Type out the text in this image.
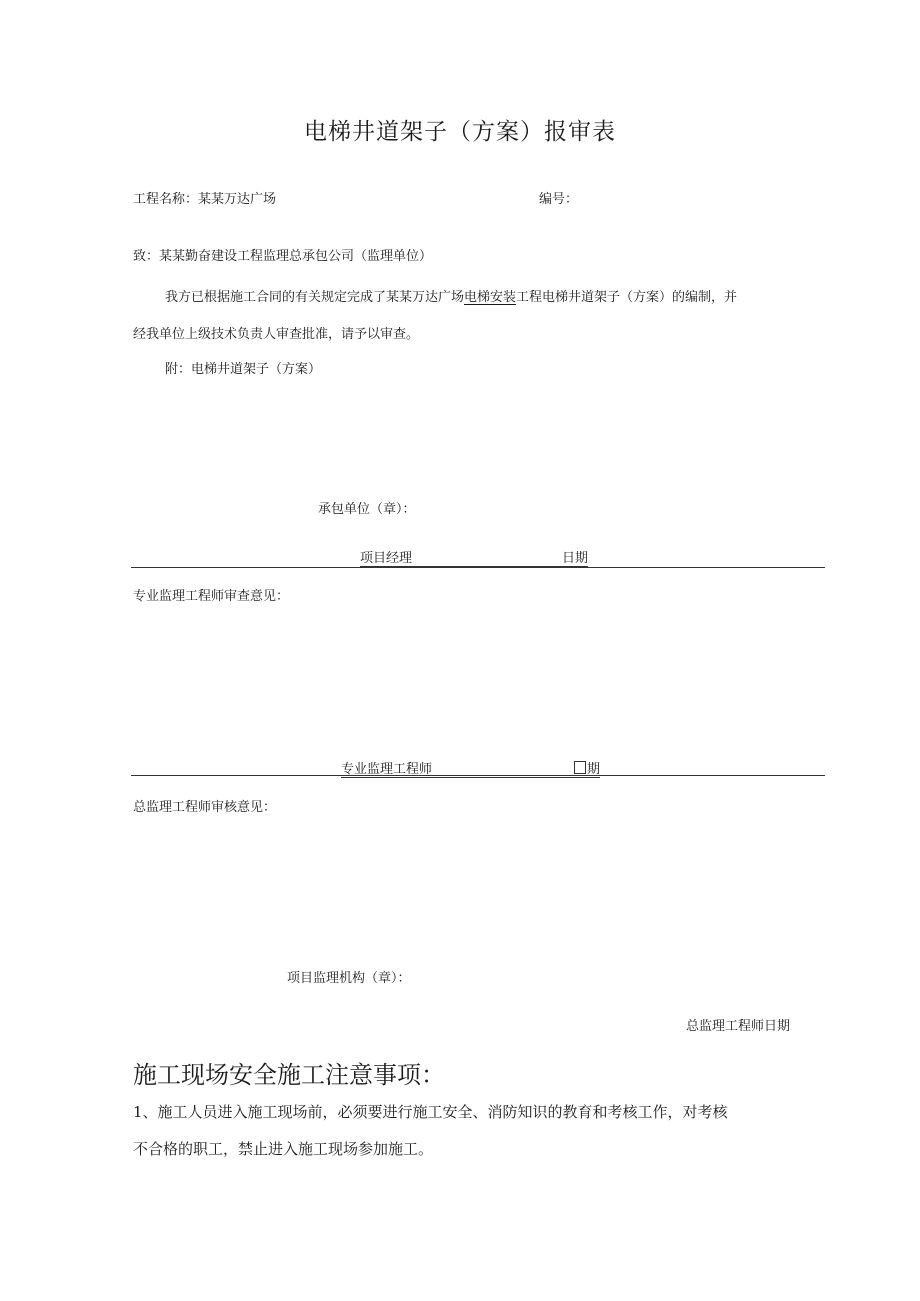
电梯井道架子（方案）报审表
工程名称：某某万达广场	编号：
致：某某勤奋建设工程监理总承包公司（监理单位）
我方已根据施工合同的有关规定完成了某某万达广场电梯安装工程电梯井道架子（方案）的编制，并
经我单位上级技术负责人审查批准，请予以审查。
附：电梯井道架子（方案）
承包单位（章）：
项目经理	日期
专业监理工程师审查意见：
专业监理工程师	期
总监理工程师审核意见：
项目监理机构（章）：
总监理工程师日期
施工现场安全施工注意事项：
1、施工人员进入施工现场前，必须要进行施工安全、消防知识的教育和考核工作，对考核
不合格的职工，禁止进入施工现场参加施工。
